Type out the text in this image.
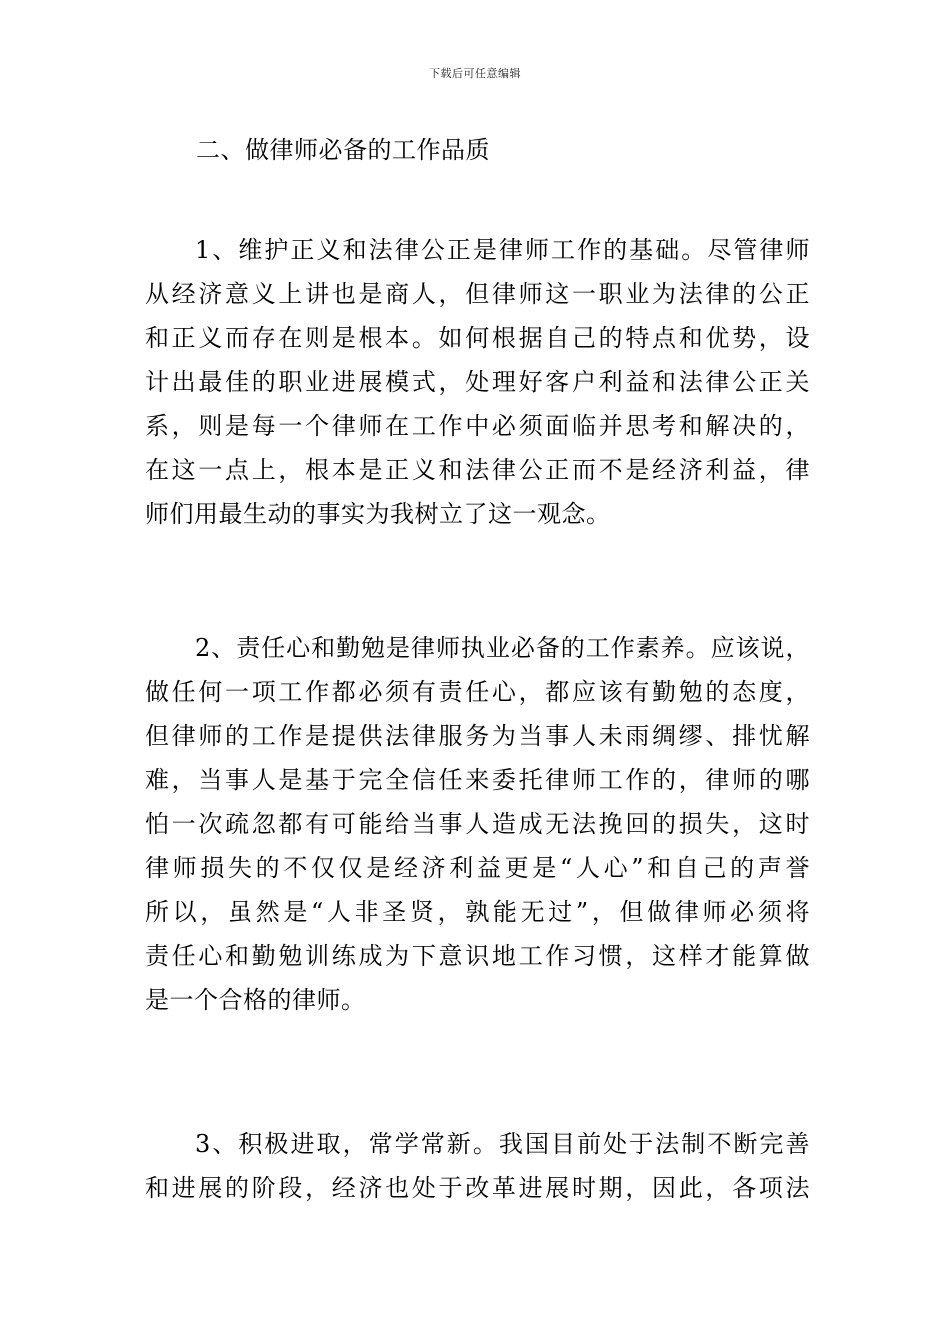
下载后可任意编辑
二、做律师必备的工作品质
1、维护正义和法律公正是律师工作的基础。尽管律师
从经济意义上讲也是商人，但律师这一职业为法律的公正
和正义而存在则是根本。如何根据自己的特点和优势，设
计出最佳的职业进展模式，处理好客户利益和法律公正关
系，则是每一个律师在工作中必须面临并思考和解决的，
在这一点上，根本是正义和法律公正而不是经济利益，律
师们用最生动的事实为我树立了这一观念。
2、责任心和勤勉是律师执业必备的工作素养。应该说，
做任何一项工作都必须有责任心，都应该有勤勉的态度，
但律师的工作是提供法律服务为当事人未雨绸缪、排忧解
难，当事人是基于完全信任来委托律师工作的，律师的哪
怕一次疏忽都有可能给当事人造成无法挽回的损失，这时
律师损失的不仅仅是经济利益更是“人心”和自己的声誉
所以，虽然是“人非圣贤，孰能无过”，但做律师必须将
责任心和勤勉训练成为下意识地工作习惯，这样才能算做
是一个合格的律师。
3、积极进取，常学常新。我国目前处于法制不断完善
和进展的阶段，经济也处于改革进展时期，因此，各项法
